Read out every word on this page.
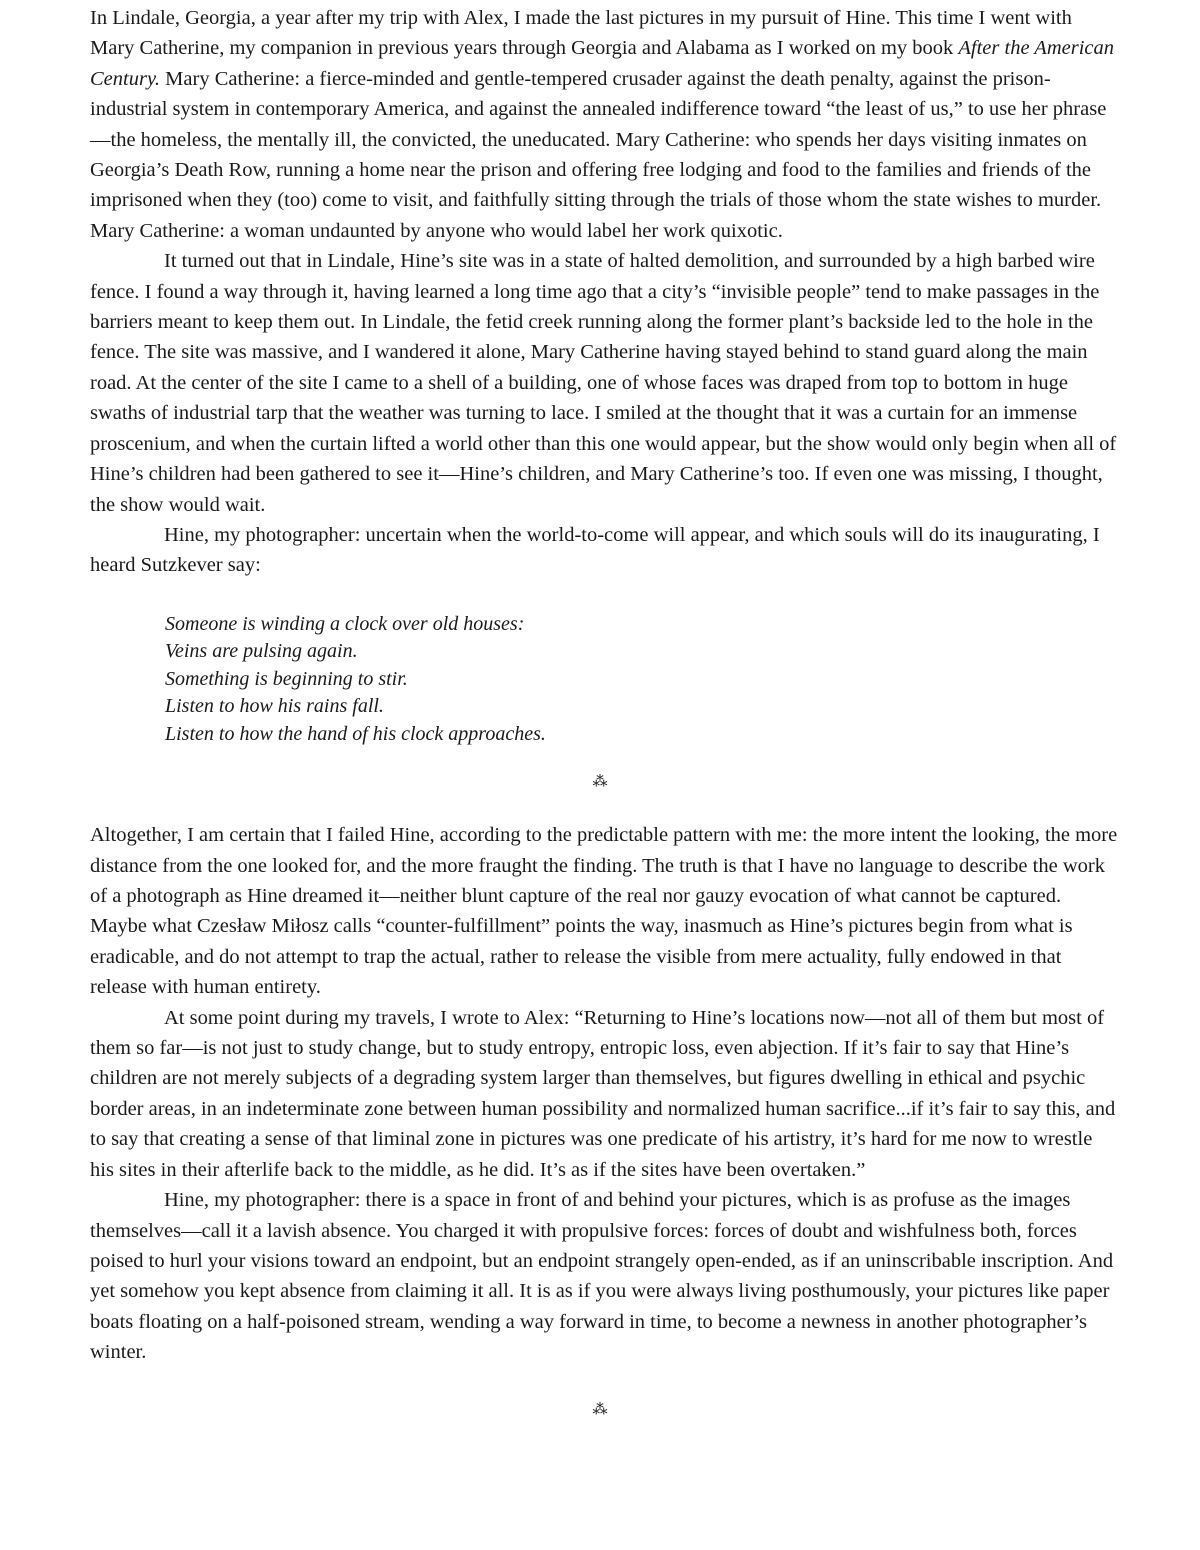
In Lindale, Georgia, a year after my trip with Alex, I made the last pictures in my pursuit of Hine. This time I went with Mary Catherine, my companion in previous years through Georgia and Alabama as I worked on my book After the American Century. Mary Catherine: a fierce-minded and gentle-tempered crusader against the death penalty, against the prison-industrial system in contemporary America, and against the annealed indifference toward “the least of us,” to use her phrase—the homeless, the mentally ill, the convicted, the uneducated. Mary Catherine: who spends her days visiting inmates on Georgia’s Death Row, running a home near the prison and offering free lodging and food to the families and friends of the imprisoned when they (too) come to visit, and faithfully sitting through the trials of those whom the state wishes to murder. Mary Catherine: a woman undaunted by anyone who would label her work quixotic.

It turned out that in Lindale, Hine’s site was in a state of halted demolition, and surrounded by a high barbed wire fence. I found a way through it, having learned a long time ago that a city’s “invisible people” tend to make passages in the barriers meant to keep them out. In Lindale, the fetid creek running along the former plant’s backside led to the hole in the fence. The site was massive, and I wandered it alone, Mary Catherine having stayed behind to stand guard along the main road. At the center of the site I came to a shell of a building, one of whose faces was draped from top to bottom in huge swaths of industrial tarp that the weather was turning to lace. I smiled at the thought that it was a curtain for an immense proscenium, and when the curtain lifted a world other than this one would appear, but the show would only begin when all of Hine’s children had been gathered to see it—Hine’s children, and Mary Catherine’s too. If even one was missing, I thought, the show would wait.

Hine, my photographer: uncertain when the world-to-come will appear, and which souls will do its inaugurating, I heard Sutzkever say:

Someone is winding a clock over old houses:
Veins are pulsing again.
Something is beginning to stir.
Listen to how his rains fall.
Listen to how the hand of his clock approaches.
⁂

Altogether, I am certain that I failed Hine, according to the predictable pattern with me: the more intent the looking, the more distance from the one looked for, and the more fraught the finding. The truth is that I have no language to describe the work of a photograph as Hine dreamed it—neither blunt capture of the real nor gauzy evocation of what cannot be captured. Maybe what Czesław Miłosz calls “counter-fulfillment” points the way, inasmuch as Hine’s pictures begin from what is eradicable, and do not attempt to trap the actual, rather to release the visible from mere actuality, fully endowed in that release with human entirety.

At some point during my travels, I wrote to Alex: “Returning to Hine’s locations now—not all of them but most of them so far—is not just to study change, but to study entropy, entropic loss, even abjection. If it’s fair to say that Hine’s children are not merely subjects of a degrading system larger than themselves, but figures dwelling in ethical and psychic border areas, in an indeterminate zone between human possibility and normalized human sacrifice...if it’s fair to say this, and to say that creating a sense of that liminal zone in pictures was one predicate of his artistry, it’s hard for me now to wrestle his sites in their afterlife back to the middle, as he did. It’s as if the sites have been overtaken.”

Hine, my photographer: there is a space in front of and behind your pictures, which is as profuse as the images themselves—call it a lavish absence. You charged it with propulsive forces: forces of doubt and wishfulness both, forces poised to hurl your visions toward an endpoint, but an endpoint strangely open-ended, as if an uninscribable inscription. And yet somehow you kept absence from claiming it all. It is as if you were always living posthumously, your pictures like paper boats floating on a half-poisoned stream, wending a way forward in time, to become a newness in another photographer’s winter.

⁂
